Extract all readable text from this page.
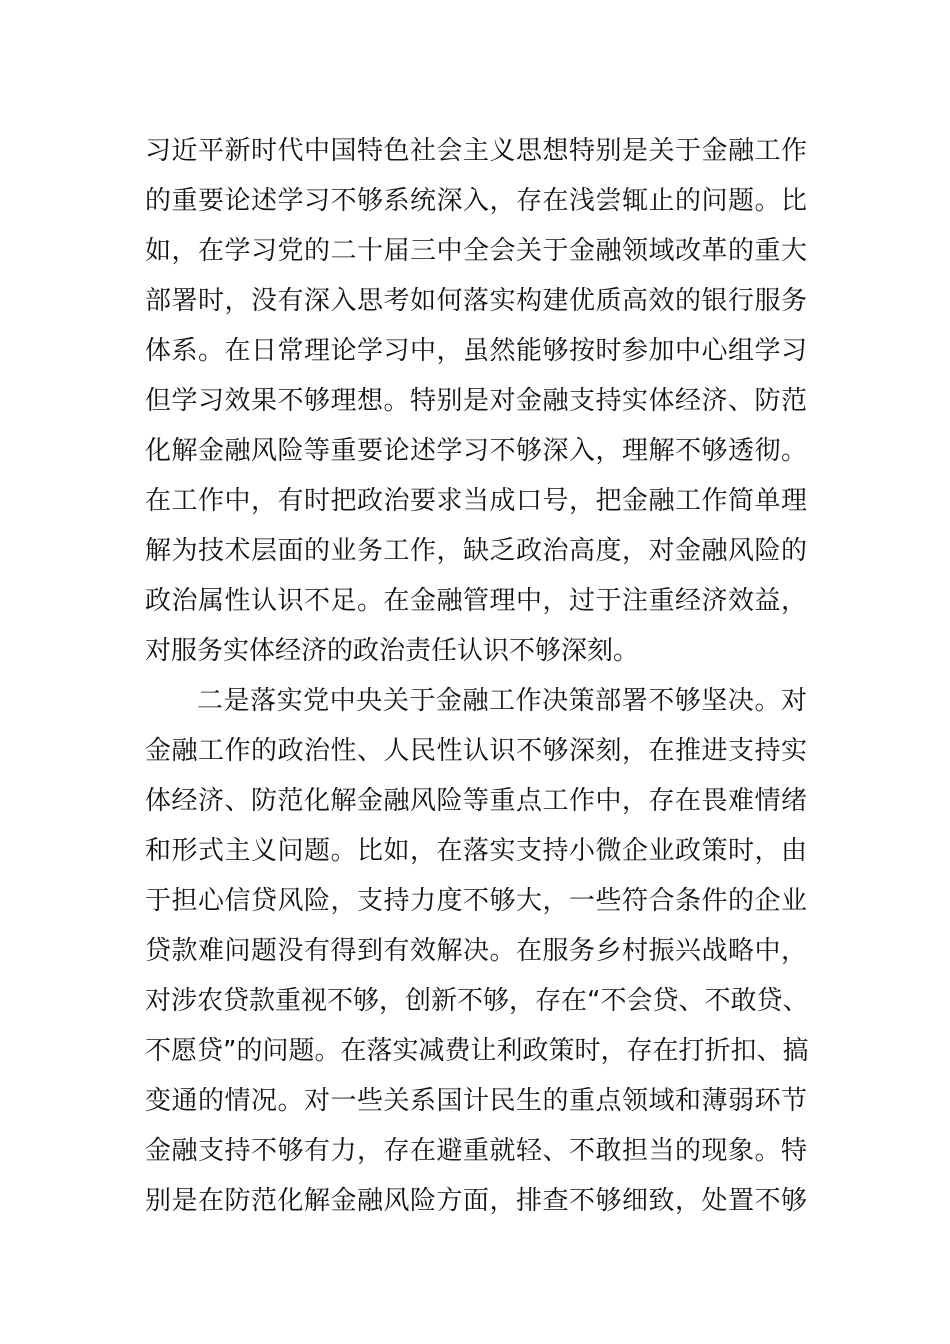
习近平新时代中国特色社会主义思想特别是关于金融工作
的重要论述学习不够系统深入，存在浅尝辄止的问题。比
如，在学习党的二十届三中全会关于金融领域改革的重大
部署时，没有深入思考如何落实构建优质高效的银行服务
体系。在日常理论学习中，虽然能够按时参加中心组学习
但学习效果不够理想。特别是对金融支持实体经济、防范
化解金融风险等重要论述学习不够深入，理解不够透彻。
在工作中，有时把政治要求当成口号，把金融工作简单理
解为技术层面的业务工作，缺乏政治高度，对金融风险的
政治属性认识不足。在金融管理中，过于注重经济效益，
对服务实体经济的政治责任认识不够深刻。
二是落实党中央关于金融工作决策部署不够坚决。对
金融工作的政治性、人民性认识不够深刻，在推进支持实
体经济、防范化解金融风险等重点工作中，存在畏难情绪
和形式主义问题。比如，在落实支持小微企业政策时，由
于担心信贷风险，支持力度不够大，一些符合条件的企业
贷款难问题没有得到有效解决。在服务乡村振兴战略中，
对涉农贷款重视不够，创新不够，存在“不会贷、不敢贷、
不愿贷”的问题。在落实减费让利政策时，存在打折扣、搞
变通的情况。对一些关系国计民生的重点领域和薄弱环节
金融支持不够有力，存在避重就轻、不敢担当的现象。特
别是在防范化解金融风险方面，排查不够细致，处置不够
